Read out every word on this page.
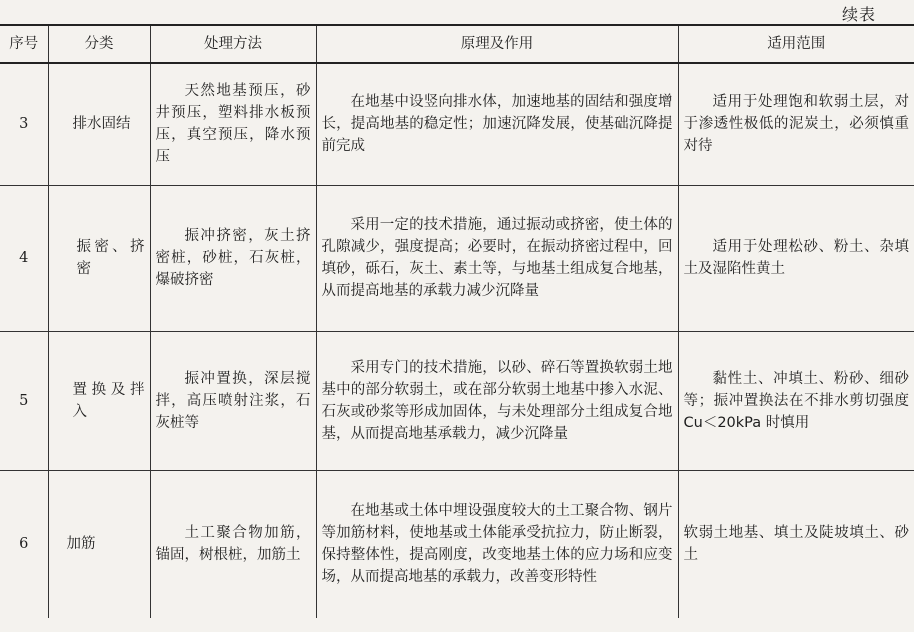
续表
序号	分类	处理方法	原理及作用	适用范围
3	排水固结	天然地基预压，砂井预压，塑料排水板预压，真空预压，降水预压	在地基中设竖向排水体，加速地基的固结和强度增长，提高地基的稳定性；加速沉降发展，使基础沉降提前完成	适用于处理饱和软弱土层，对于渗透性极低的泥炭土，必须慎重对待
4	振密、挤密	振冲挤密，灰土挤密桩，砂桩，石灰桩，爆破挤密	采用一定的技术措施，通过振动或挤密，使土体的孔隙减少，强度提高；必要时，在振动挤密过程中，回填砂，砾石，灰土、素土等，与地基土组成复合地基，从而提高地基的承载力减少沉降量	适用于处理松砂、粉土、杂填土及湿陷性黄土
5	置换及拌入	振冲置换，深层搅拌，高压喷射注浆，石灰桩等	采用专门的技术措施，以砂、碎石等置换软弱土地基中的部分软弱土，或在部分软弱土地基中掺入水泥、石灰或砂浆等形成加固体，与未处理部分土组成复合地基，从而提高地基承载力，减少沉降量	黏性土、冲填土、粉砂、细砂等；振冲置换法在不排水剪切强度 Cu＜20kPa 时慎用
6	加筋	土工聚合物加筋，锚固，树根桩，加筋土	在地基或土体中埋设强度较大的土工聚合物、钢片等加筋材料，使地基或土体能承受抗拉力，防止断裂，保持整体性，提高刚度，改变地基土体的应力场和应变场，从而提高地基的承载力，改善变形特性	软弱土地基、填土及陡坡填土、砂土
